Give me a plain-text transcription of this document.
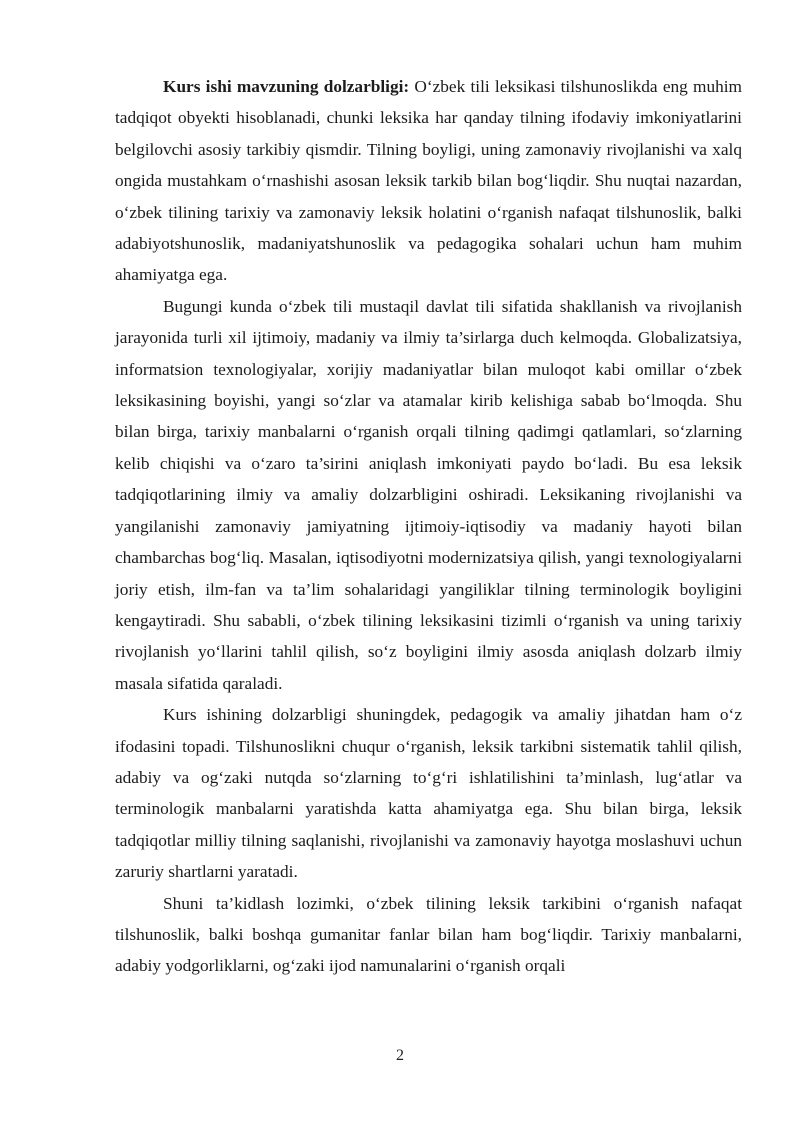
Kurs ishi mavzuning dolzarbligi: O‘zbek tili leksikasi tilshunoslikda eng muhim tadqiqot obyekti hisoblanadi, chunki leksika har qanday tilning ifodaviy imkoniyatlarini belgilovchi asosiy tarkibiy qismdir. Tilning boyligi, uning zamonaviy rivojlanishi va xalq ongida mustahkam o‘rnashishi asosan leksik tarkib bilan bog‘liqdir. Shu nuqtai nazardan, o‘zbek tilining tarixiy va zamonaviy leksik holatini o‘rganish nafaqat tilshunoslik, balki adabiyotshunoslik, madaniyatshunoslik va pedagogika sohalari uchun ham muhim ahamiyatga ega.

Bugungi kunda o‘zbek tili mustaqil davlat tili sifatida shakllanish va rivojlanish jarayonida turli xil ijtimoiy, madaniy va ilmiy ta’sirlarga duch kelmoqda. Globalizatsiya, informatsion texnologiyalar, xorijiy madaniyatlar bilan muloqot kabi omillar o‘zbek leksikasining boyishi, yangi so‘zlar va atamalar kirib kelishiga sabab bo‘lmoqda. Shu bilan birga, tarixiy manbalarni o‘rganish orqali tilning qadimgi qatlamlari, so‘zlarning kelib chiqishi va o‘zaro ta’sirini aniqlash imkoniyati paydo bo‘ladi. Bu esa leksik tadqiqotlarining ilmiy va amaliy dolzarbligini oshiradi. Leksikaning rivojlanishi va yangilanishi zamonaviy jamiyatning ijtimoiy-iqtisodiy va madaniy hayoti bilan chambarchas bog‘liq. Masalan, iqtisodiyotni modernizatsiya qilish, yangi texnologiyalarni joriy etish, ilm-fan va ta’lim sohalaridagi yangiliklar tilning terminologik boyligini kengaytiradi. Shu sababli, o‘zbek tilining leksikasini tizimli o‘rganish va uning tarixiy rivojlanish yo‘llarini tahlil qilish, so‘z boyligini ilmiy asosda aniqlash dolzarb ilmiy masala sifatida qaraladi.

Kurs ishining dolzarbligi shuningdek, pedagogik va amaliy jihatdan ham o‘z ifodasini topadi. Tilshunoslikni chuqur o‘rganish, leksik tarkibni sistematik tahlil qilish, adabiy va og‘zaki nutqda so‘zlarning to‘g‘ri ishlatilishini ta’minlash, lug‘atlar va terminologik manbalarni yaratishda katta ahamiyatga ega. Shu bilan birga, leksik tadqiqotlar milliy tilning saqlanishi, rivojlanishi va zamonaviy hayotga moslashuvi uchun zaruriy shartlarni yaratadi.

Shuni ta’kidlash lozimki, o‘zbek tilining leksik tarkibini o‘rganish nafaqat tilshunoslik, balki boshqa gumanitar fanlar bilan ham bog‘liqdir. Tarixiy manbalarni, adabiy yodgorliklarni, og‘zaki ijod namunalarini o‘rganish orqali

2
